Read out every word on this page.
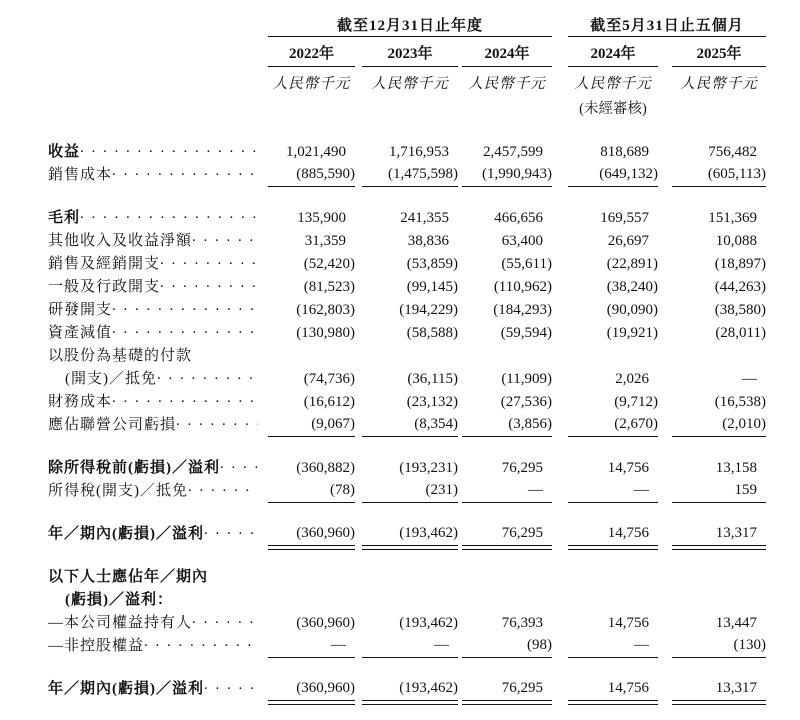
截至12月31日止年度	截至5月31日止五個月
2022年	2023年	2024年	2024年	2025年
人民幣千元	人民幣千元	人民幣千元	人民幣千元	人民幣千元
(未經審核)
收益 . . .	1,021,490	1,716,953	2,457,599	818,689	756,482
銷售成本 . . .	(885,590)	(1,475,598)	(1,990,943)	(649,132)	(605,113)
毛利 . . .	135,900	241,355	466,656	169,557	151,369
其他收入及收益淨額 . . .	31,359	38,836	63,400	26,697	10,088
銷售及經銷開支 . . .	(52,420)	(53,859)	(55,611)	(22,891)	(18,897)
一般及行政開支 . . .	(81,523)	(99,145)	(110,962)	(38,240)	(44,263)
研發開支 . . .	(162,803)	(194,229)	(184,293)	(90,090)	(38,580)
資產減值 . . .	(130,980)	(58,588)	(59,594)	(19,921)	(28,011)
以股份為基礎的付款
(開支)／抵免 . . .	(74,736)	(36,115)	(11,909)	2,026	—
財務成本 . . .	(16,612)	(23,132)	(27,536)	(9,712)	(16,538)
應佔聯營公司虧損 . . .	(9,067)	(8,354)	(3,856)	(2,670)	(2,010)
除所得稅前(虧損)／溢利 . . .	(360,882)	(193,231)	76,295	14,756	13,158
所得稅(開支)／抵免 . . .	(78)	(231)	—	—	159
年／期內(虧損)／溢利 . . .	(360,960)	(193,462)	76,295	14,756	13,317
以下人士應佔年／期內
(虧損)／溢利：
—本公司權益持有人 . . .	(360,960)	(193,462)	76,393	14,756	13,447
—非控股權益 . . .	—	—	(98)	—	(130)
年／期內(虧損)／溢利 . . .	(360,960)	(193,462)	76,295	14,756	13,317
